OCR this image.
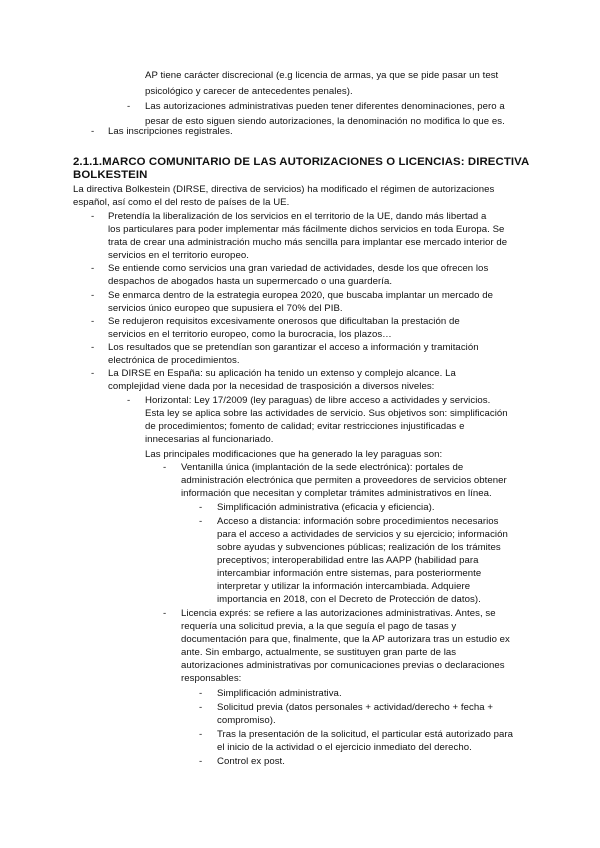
AP tiene carácter discrecional (e.g licencia de armas, ya que se pide pasar un test
psicológico y carecer de antecedentes penales).
- Las autorizaciones administrativas pueden tener diferentes denominaciones, pero a
pesar de esto siguen siendo autorizaciones, la denominación no modifica lo que es.
- Las inscripciones registrales.
2.1.1.MARCO COMUNITARIO DE LAS AUTORIZACIONES O LICENCIAS: DIRECTIVA
BOLKESTEIN
La directiva Bolkestein (DIRSE, directiva de servicios) ha modificado el régimen de autorizaciones
español, así como el del resto de países de la UE.
- Pretendía la liberalización de los servicios en el territorio de la UE, dando más libertad a
los particulares para poder implementar más fácilmente dichos servicios en toda Europa. Se
trata de crear una administración mucho más sencilla para implantar ese mercado interior de
servicios en el territorio europeo.
- Se entiende como servicios una gran variedad de actividades, desde los que ofrecen los
despachos de abogados hasta un supermercado o una guardería.
- Se enmarca dentro de la estrategia europea 2020, que buscaba implantar un mercado de
servicios único europeo que supusiera el 70% del PIB.
- Se redujeron requisitos excesivamente onerosos que dificultaban la prestación de
servicios en el territorio europeo, como la burocracia, los plazos…
- Los resultados que se pretendían son garantizar el acceso a información y tramitación
electrónica de procedimientos.
- La DIRSE en España: su aplicación ha tenido un extenso y complejo alcance. La
complejidad viene dada por la necesidad de trasposición a diversos niveles:
- Horizontal: Ley 17/2009 (ley paraguas) de libre acceso a actividades y servicios.
Esta ley se aplica sobre las actividades de servicio. Sus objetivos son: simplificación
de procedimientos; fomento de calidad; evitar restricciones injustificadas e
innecesarias al funcionariado.
Las principales modificaciones que ha generado la ley paraguas son:
- Ventanilla única (implantación de la sede electrónica): portales de
administración electrónica que permiten a proveedores de servicios obtener
información que necesitan y completar trámites administrativos en línea.
- Simplificación administrativa (eficacia y eficiencia).
- Acceso a distancia: información sobre procedimientos necesarios
para el acceso a actividades de servicios y su ejercicio; información
sobre ayudas y subvenciones públicas; realización de los trámites
preceptivos; interoperabilidad entre las AAPP (habilidad para
intercambiar información entre sistemas, para posteriormente
interpretar y utilizar la información intercambiada. Adquiere
importancia en 2018, con el Decreto de Protección de datos).
- Licencia exprés: se refiere a las autorizaciones administrativas. Antes, se
requería una solicitud previa, a la que seguía el pago de tasas y
documentación para que, finalmente, que la AP autorizara tras un estudio ex
ante. Sin embargo, actualmente, se sustituyen gran parte de las
autorizaciones administrativas por comunicaciones previas o declaraciones
responsables:
- Simplificación administrativa.
- Solicitud previa (datos personales + actividad/derecho + fecha +
compromiso).
- Tras la presentación de la solicitud, el particular está autorizado para
el inicio de la actividad o el ejercicio inmediato del derecho.
- Control ex post.
